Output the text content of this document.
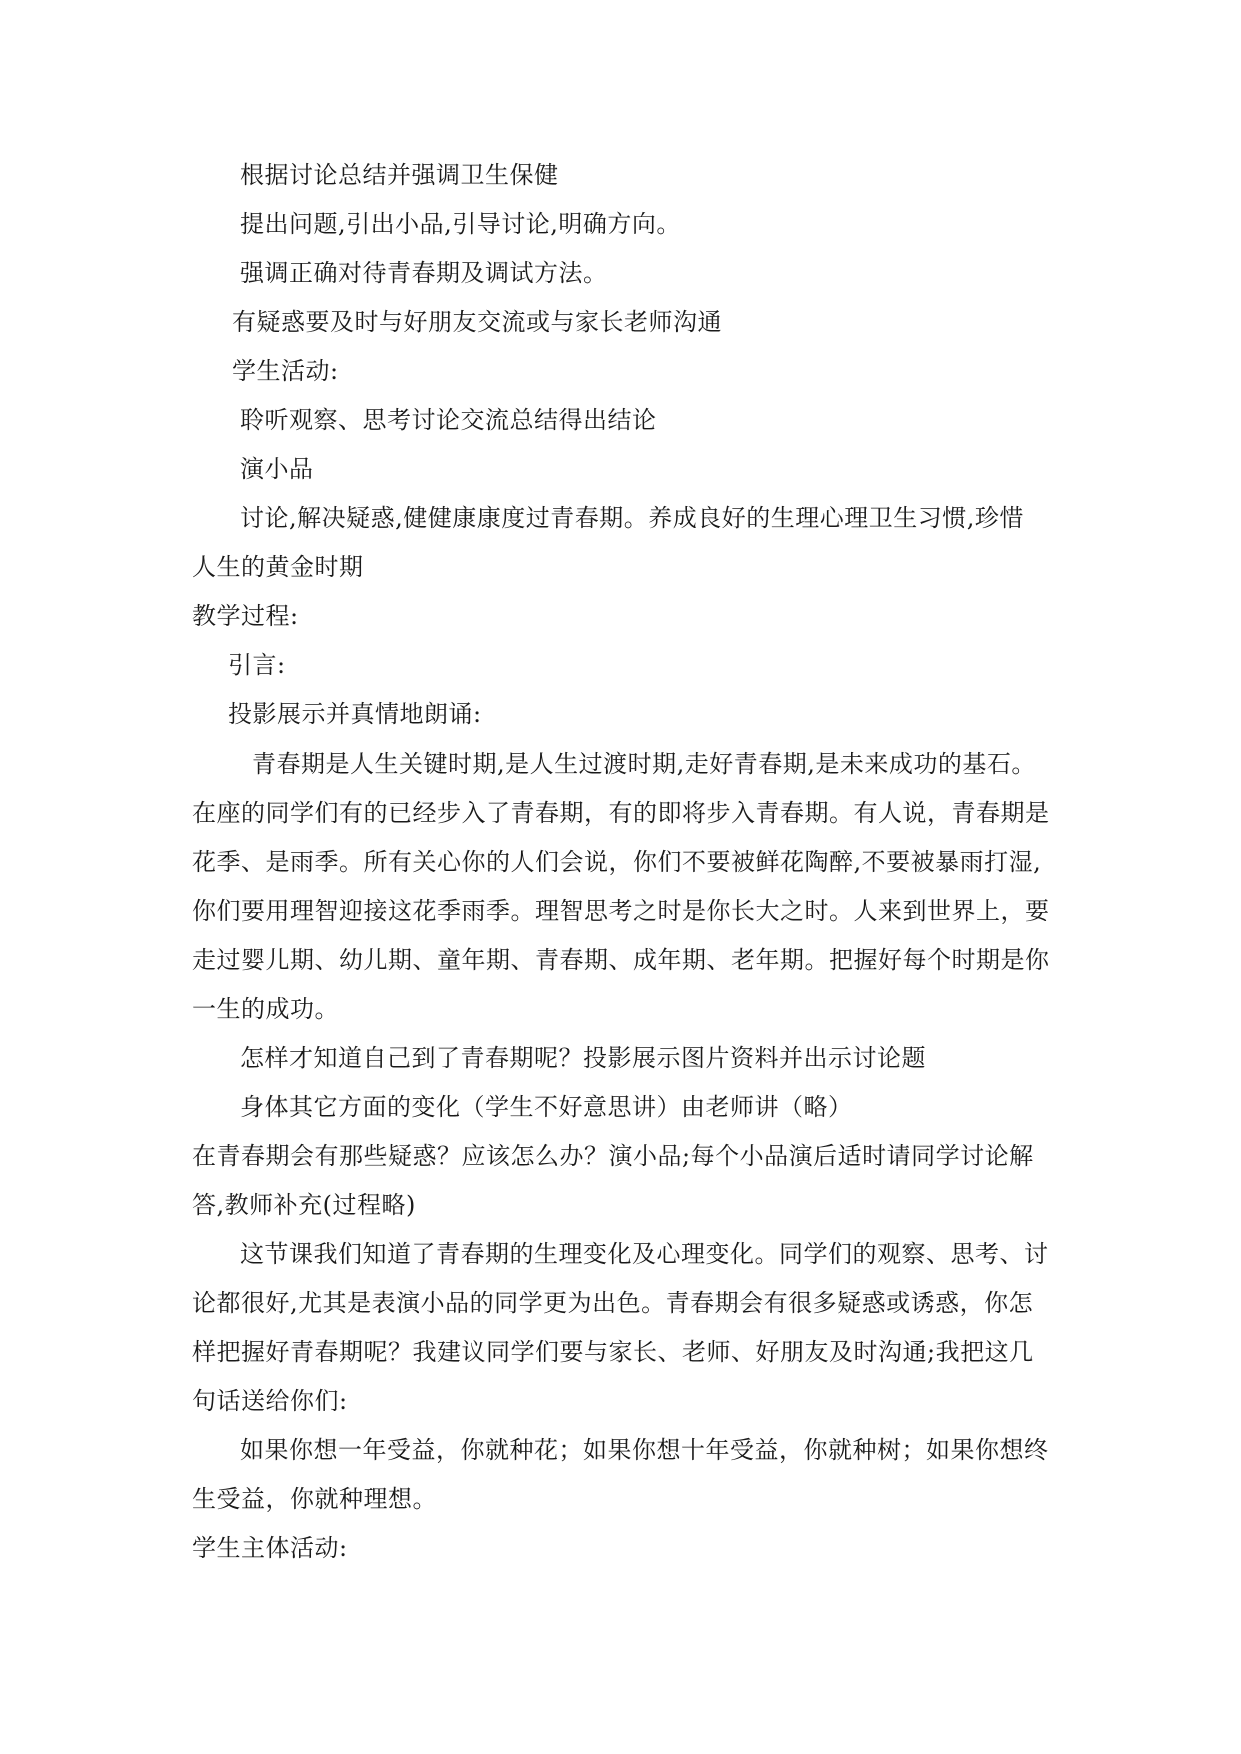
根据讨论总结并强调卫生保健
提出问题,引出小品,引导讨论,明确方向。
强调正确对待青春期及调试方法。
有疑惑要及时与好朋友交流或与家长老师沟通
学生活动:
聆听观察、思考讨论交流总结得出结论
演小品
讨论,解决疑惑,健健康康度过青春期。养成良好的生理心理卫生习惯,珍惜
人生的黄金时期
教学过程:
引言:
投影展示并真情地朗诵:
青春期是人生关键时期,是人生过渡时期,走好青春期,是未来成功的基石。
在座的同学们有的已经步入了青春期，有的即将步入青春期。有人说，青春期是
花季、是雨季。所有关心你的人们会说，你们不要被鲜花陶醉,不要被暴雨打湿,
你们要用理智迎接这花季雨季。理智思考之时是你长大之时。人来到世界上，要
走过婴儿期、幼儿期、童年期、青春期、成年期、老年期。把握好每个时期是你
一生的成功。
怎样才知道自己到了青春期呢？投影展示图片资料并出示讨论题
身体其它方面的变化（学生不好意思讲）由老师讲（略）
在青春期会有那些疑惑？应该怎么办？演小品;每个小品演后适时请同学讨论解
答,教师补充(过程略)
这节课我们知道了青春期的生理变化及心理变化。同学们的观察、思考、讨
论都很好,尤其是表演小品的同学更为出色。青春期会有很多疑惑或诱惑，你怎
样把握好青春期呢？我建议同学们要与家长、老师、好朋友及时沟通;我把这几
句话送给你们:
如果你想一年受益，你就种花；如果你想十年受益，你就种树；如果你想终
生受益，你就种理想。
学生主体活动:
